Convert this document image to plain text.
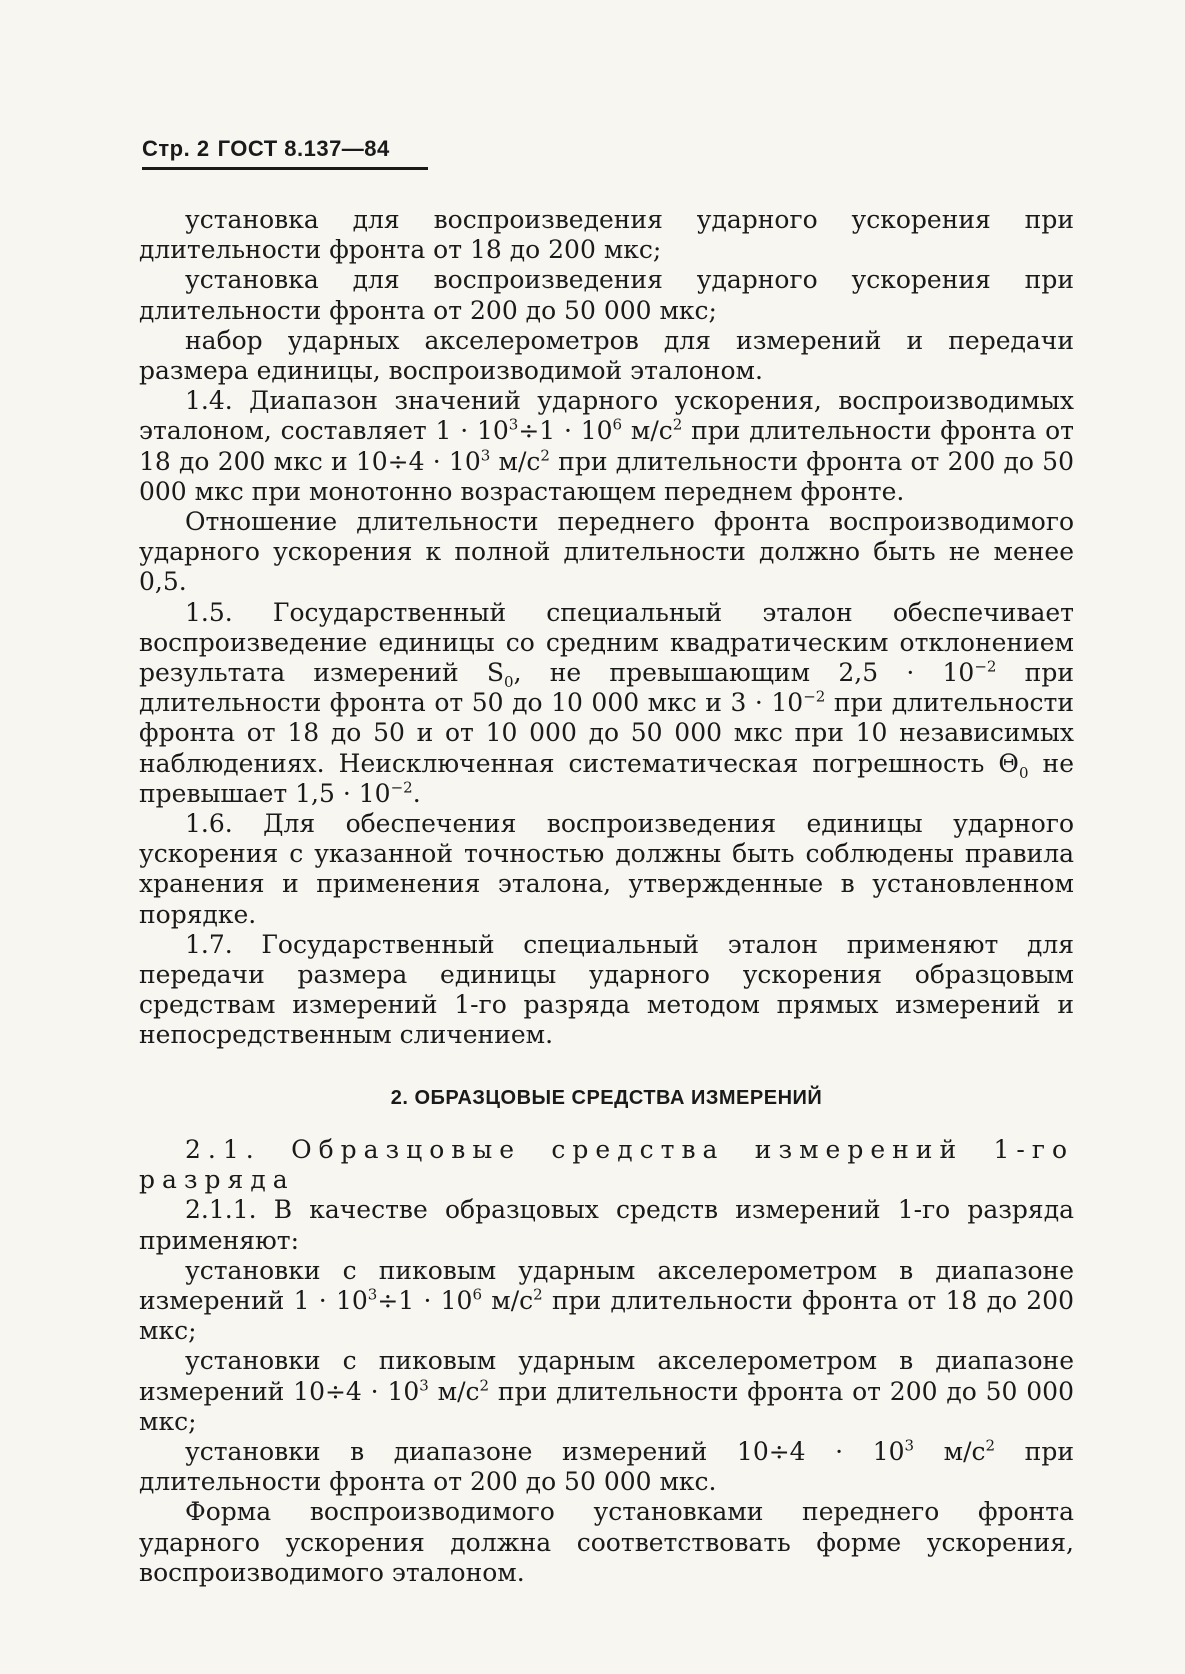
Стр. 2 ГОСТ 8.137—84

установка для воспроизведения ударного ускорения при длительности фронта от 18 до 200 мкс;

установка для воспроизведения ударного ускорения при длительности фронта от 200 до 50 000 мкс;

набор ударных акселерометров для измерений и передачи размера единицы, воспроизводимой эталоном.

1.4. Диапазон значений ударного ускорения, воспроизводимых эталоном, составляет $1 \cdot 10^3\div 1 \cdot 10^6$ $м/с^2$ при длительности фронта от 18 до 200 мкс и $10\div 4 \cdot 10^3$ $м/с^2$ при длительности фронта от 200 до 50 000 мкс при монотонно возрастающем переднем фронте.

Отношение длительности переднего фронта воспроизводимого ударного ускорения к полной длительности должно быть не менее 0,5.

1.5. Государственный специальный эталон обеспечивает воспроизведение единицы со средним квадратическим отклонением результата измерений $S_0$, не превышающим $2,5 \cdot 10^{-2}$ при длительности фронта от 50 до 10 000 мкс и $3 \cdot 10^{-2}$ при длительности фронта от 18 до 50 и от 10 000 до 50 000 мкс при 10 независимых наблюдениях. Неисключенная систематическая погрешность $\Theta_0$ не превышает $1,5 \cdot 10^{-2}$.

1.6. Для обеспечения воспроизведения единицы ударного ускорения с указанной точностью должны быть соблюдены правила хранения и применения эталона, утвержденные в установленном порядке.

1.7. Государственный специальный эталон применяют для передачи размера единицы ударного ускорения образцовым средствам измерений 1-го разряда методом прямых измерений и непосредственным сличением.

2. ОБРАЗЦОВЫЕ СРЕДСТВА ИЗМЕРЕНИЙ

2.1. Образцовые средства измерений 1-го разряда

2.1.1. В качестве образцовых средств измерений 1-го разряда применяют:

установки с пиковым ударным акселерометром в диапазоне измерений $1 \cdot 10^3\div 1 \cdot 10^6$ $м/с^2$ при длительности фронта от 18 до 200 мкс;

установки с пиковым ударным акселерометром в диапазоне измерений $10\div 4 \cdot 10^3$ $м/с^2$ при длительности фронта от 200 до 50 000 мкс;

установки в диапазоне измерений $10\div 4 \cdot 10^3$ $м/с^2$ при длительности фронта от 200 до 50 000 мкс.

Форма воспроизводимого установками переднего фронта ударного ускорения должна соответствовать форме ускорения, воспроизводимого эталоном.
